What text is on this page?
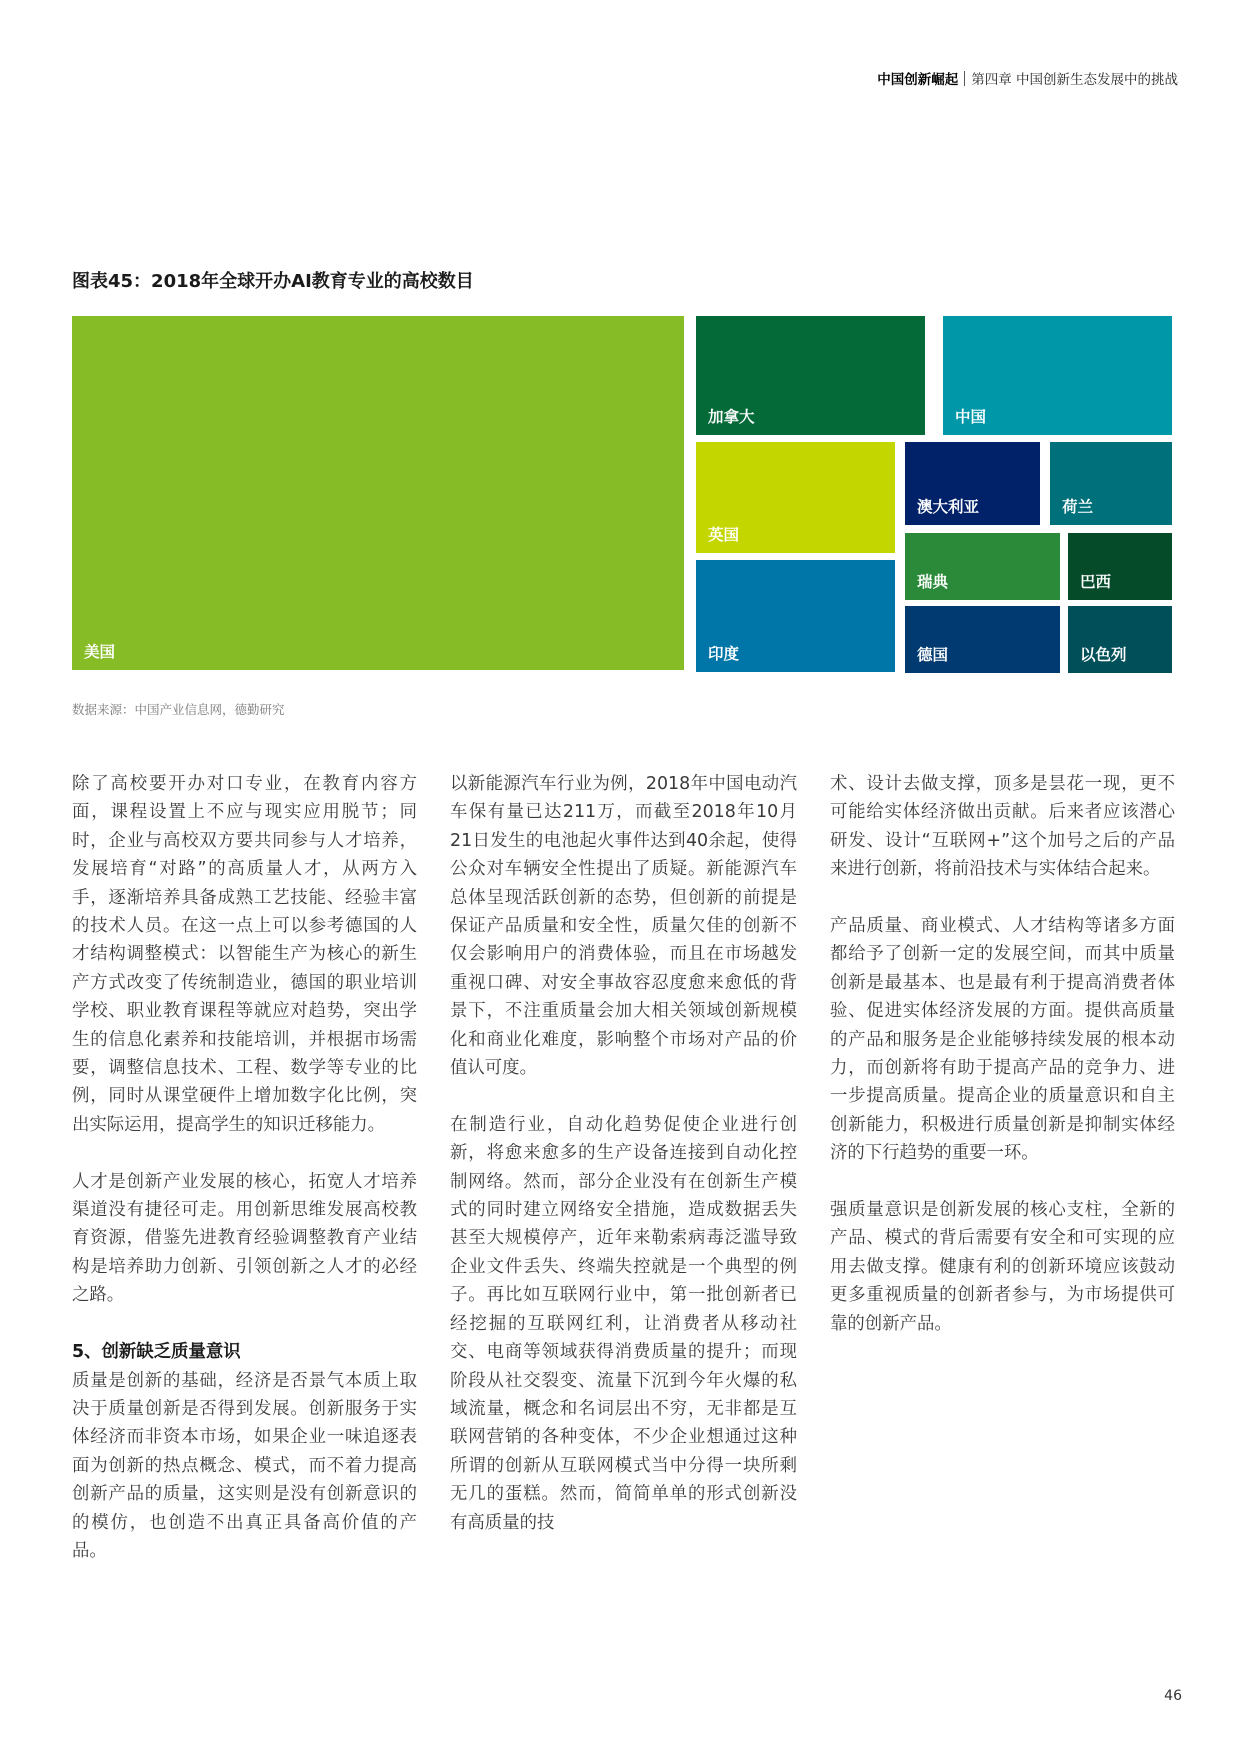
中国创新崛起 第四章 中国创新生态发展中的挑战
图表45：2018年全球开办AI教育专业的高校数目
美国
加拿大	中国
英国
澳大利亚	荷兰
印度
瑞典	巴西
德国	以色列
数据来源：中国产业信息网，德勤研究

除了高校要开办对口专业，在教育内容方面，课程设置上不应与现实应用脱节；同时，企业与高校双方要共同参与人才培养，发展培育“对路”的高质量人才，从两方入手，逐渐培养具备成熟工艺技能、经验丰富的技术人员。在这一点上可以参考德国的人才结构调整模式：以智能生产为核心的新生产方式改变了传统制造业，德国的职业培训学校、职业教育课程等就应对趋势，突出学生的信息化素养和技能培训，并根据市场需要，调整信息技术、工程、数学等专业的比例，同时从课堂硬件上增加数字化比例，突出实际运用，提高学生的知识迁移能力。

人才是创新产业发展的核心，拓宽人才培养渠道没有捷径可走。用创新思维发展高校教育资源，借鉴先进教育经验调整教育产业结构是培养助力创新、引领创新之人才的必经之路。

5、创新缺乏质量意识

质量是创新的基础，经济是否景气本质上取决于质量创新是否得到发展。创新服务于实体经济而非资本市场，如果企业一味追逐表面为创新的热点概念、模式，而不着力提高创新产品的质量，这实则是没有创新意识的的模仿，也创造不出真正具备高价值的产品。

以新能源汽车行业为例，2018年中国电动汽车保有量已达211万，而截至2018年10月21日发生的电池起火事件达到40余起，使得公众对车辆安全性提出了质疑。新能源汽车总体呈现活跃创新的态势，但创新的前提是保证产品质量和安全性，质量欠佳的创新不仅会影响用户的消费体验，而且在市场越发重视口碑、对安全事故容忍度愈来愈低的背景下，不注重质量会加大相关领域创新规模化和商业化难度，影响整个市场对产品的价值认可度。

在制造行业，自动化趋势促使企业进行创新，将愈来愈多的生产设备连接到自动化控制网络。然而，部分企业没有在创新生产模式的同时建立网络安全措施，造成数据丢失甚至大规模停产，近年来勒索病毒泛滥导致企业文件丢失、终端失控就是一个典型的例子。再比如互联网行业中，第一批创新者已经挖掘的互联网红利，让消费者从移动社交、电商等领域获得消费质量的提升；而现阶段从社交裂变、流量下沉到今年火爆的私域流量，概念和名词层出不穷，无非都是互联网营销的各种变体，不少企业想通过这种所谓的创新从互联网模式当中分得一块所剩无几的蛋糕。然而，简简单单的形式创新没有高质量的技

术、设计去做支撑，顶多是昙花一现，更不可能给实体经济做出贡献。后来者应该潜心研发、设计“互联网+”这个加号之后的产品来进行创新，将前沿技术与实体结合起来。

产品质量、商业模式、人才结构等诸多方面都给予了创新一定的发展空间，而其中质量创新是最基本、也是最有利于提高消费者体验、促进实体经济发展的方面。提供高质量的产品和服务是企业能够持续发展的根本动力，而创新将有助于提高产品的竞争力、进一步提高质量。提高企业的质量意识和自主创新能力，积极进行质量创新是抑制实体经济的下行趋势的重要一环。

强质量意识是创新发展的核心支柱，全新的产品、模式的背后需要有安全和可实现的应用去做支撑。健康有利的创新环境应该鼓动更多重视质量的创新者参与，为市场提供可靠的创新产品。

46
